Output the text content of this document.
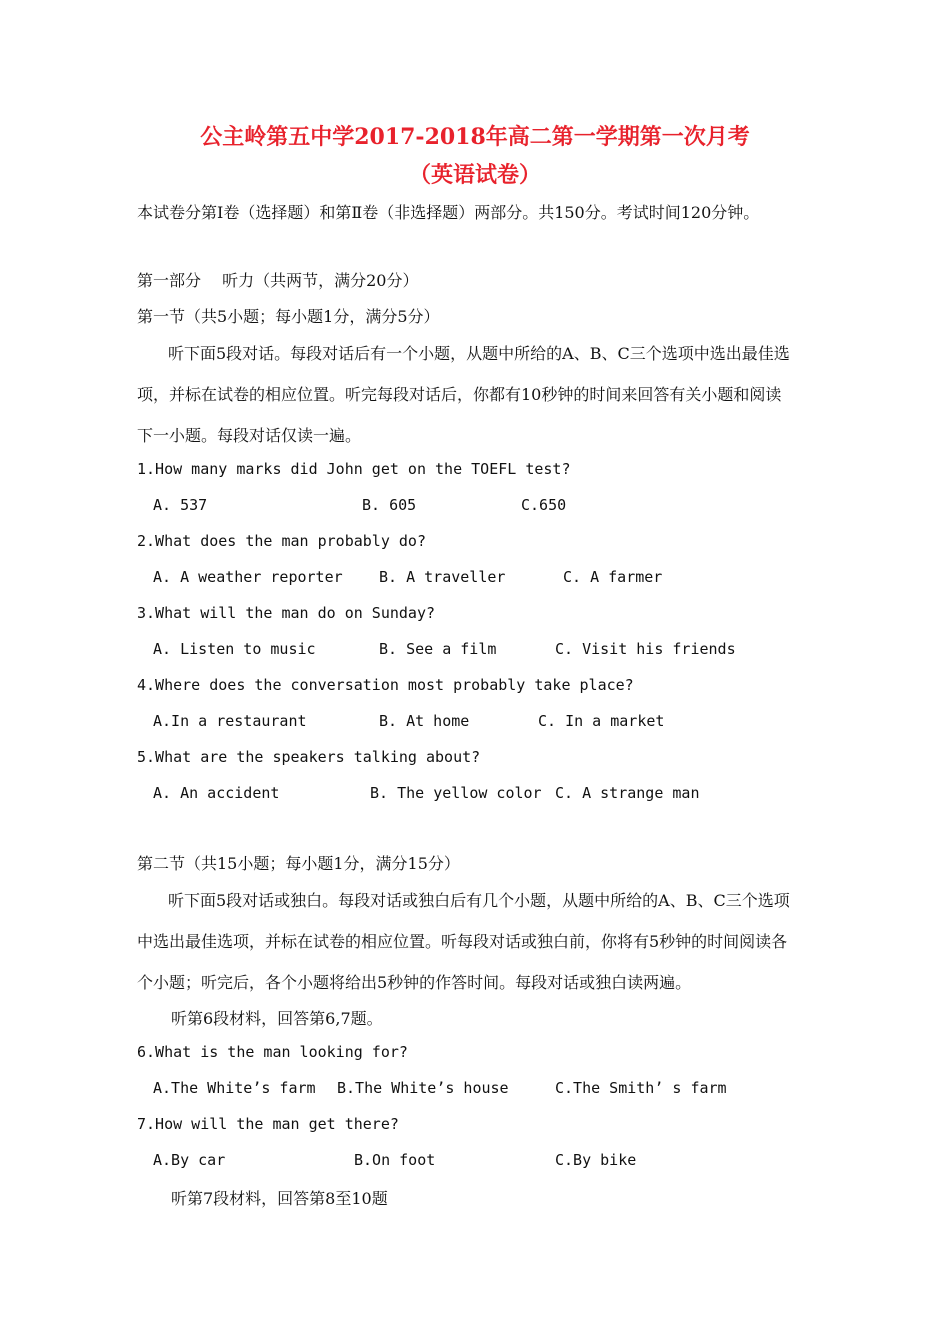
公主岭第五中学2017-2018年高二第一学期第一次月考
（英语试卷）
本试卷分第Ⅰ卷（选择题）和第Ⅱ卷（非选择题）两部分。共150分。考试时间120分钟。
第一部分　 听力（共两节，满分20分）
第一节（共5小题；每小题1分，满分5分）
听下面5段对话。每段对话后有一个小题，从题中所给的A、B、C三个选项中选出最佳选
项，并标在试卷的相应位置。听完每段对话后，你都有10秒钟的时间来回答有关小题和阅读
下一小题。每段对话仅读一遍。
1.How many marks did John get on the TOEFL test?
A. 537	B. 605	C.650
2.What does the man probably do?
A. A weather reporter B. A traveller	C. A farmer
3.What will the man do on Sunday?
A. Listen to music	B. See a film	C. Visit his friends
4.Where does the conversation most probably take place?
A.In a restaurant	B. At home	C. In a market
5.What are the speakers talking about?
A. An accident	B. The yellow color C. A strange man
第二节（共15小题；每小题1分，满分15分）
听下面5段对话或独白。每段对话或独白后有几个小题，从题中所给的A、B、C三个选项
中选出最佳选项，并标在试卷的相应位置。听每段对话或独白前，你将有5秒钟的时间阅读各
个小题；听完后，各个小题将给出5秒钟的作答时间。每段对话或独白读两遍。
听第6段材料，回答第6,7题。
6.What is the man looking for?
A.The White’s farm B.The White’s house	C.The Smith’ s farm
7.How will the man get there?
A.By car	B.On foot	C.By bike
听第7段材料，回答第8至10题
